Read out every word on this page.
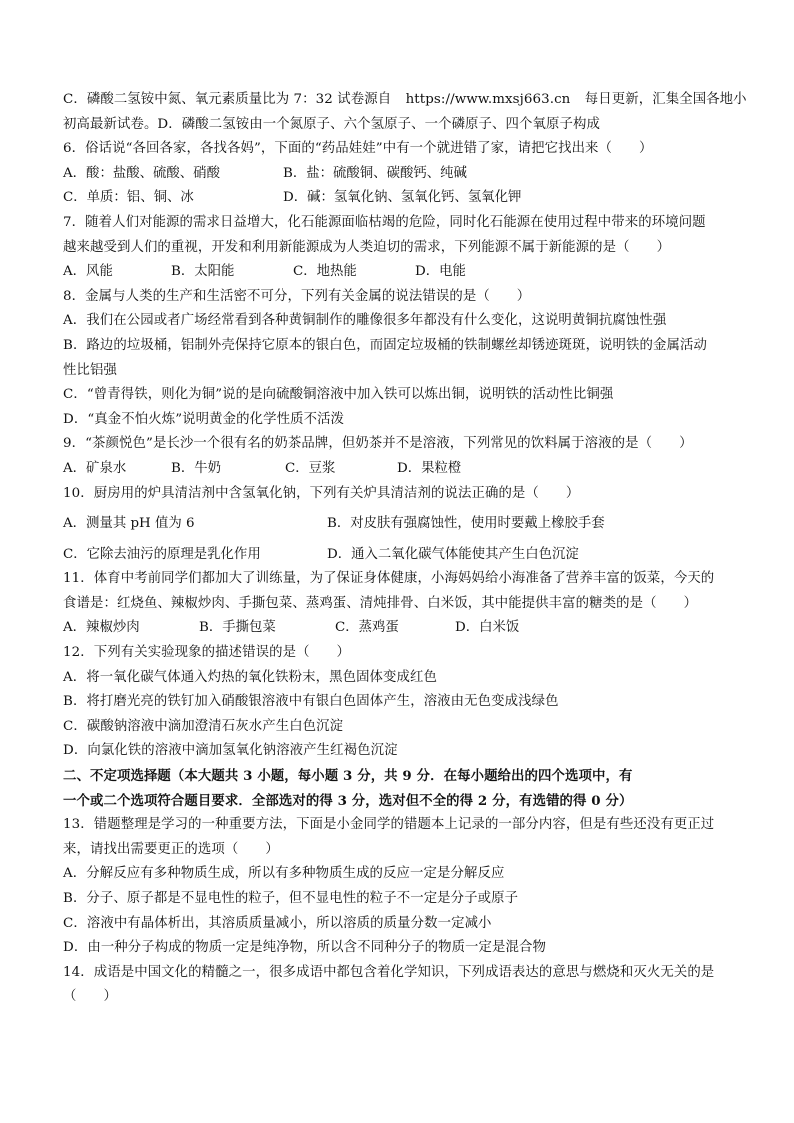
C．磷酸二氢铵中氮、氧元素质量比为 7：32 试卷源自 https://www.mxsj663.cn 每日更新，汇集全国各地小
初高最新试卷。D．磷酸二氢铵由一个氮原子、六个氢原子、一个磷原子、四个氧原子构成
6．俗话说“各回各家，各找各妈”，下面的“药品娃娃”中有一个就进错了家，请把它找出来（　　）
A．酸：盐酸、硫酸、硝酸	B．盐：硫酸铜、碳酸钙、纯碱
C．单质：铝、铜、冰	D．碱：氢氧化钠、氢氧化钙、氢氧化钾
7．随着人们对能源的需求日益增大，化石能源面临枯竭的危险，同时化石能源在使用过程中带来的环境问题
越来越受到人们的重视，开发和利用新能源成为人类迫切的需求，下列能源不属于新能源的是（　　）
A．风能	B．太阳能	C．地热能	D．电能
8．金属与人类的生产和生活密不可分，下列有关金属的说法错误的是（　　）
A．我们在公园或者广场经常看到各种黄铜制作的雕像很多年都没有什么变化，这说明黄铜抗腐蚀性强
B．路边的垃圾桶，铝制外壳保持它原本的银白色，而固定垃圾桶的铁制螺丝却锈迹斑斑，说明铁的金属活动
性比铝强
C．“曾青得铁，则化为铜”说的是向硫酸铜溶液中加入铁可以炼出铜，说明铁的活动性比铜强
D．“真金不怕火炼”说明黄金的化学性质不活泼
9．“茶颜悦色”是长沙一个很有名的奶茶品牌，但奶茶并不是溶液，下列常见的饮料属于溶液的是（　　）
A．矿泉水	B．牛奶	C．豆浆	D．果粒橙
10．厨房用的炉具清洁剂中含氢氧化钠，下列有关炉具清洁剂的说法正确的是（　　）
A．测量其 pH 值为 6	B．对皮肤有强腐蚀性，使用时要戴上橡胶手套
C．它除去油污的原理是乳化作用	D．通入二氧化碳气体能使其产生白色沉淀
11．体育中考前同学们都加大了训练量，为了保证身体健康，小海妈妈给小海准备了营养丰富的饭菜，今天的
食谱是：红烧鱼、辣椒炒肉、手撕包菜、蒸鸡蛋、清炖排骨、白米饭，其中能提供丰富的糖类的是（　　）
A．辣椒炒肉	B．手撕包菜	C．蒸鸡蛋	D．白米饭
12．下列有关实验现象的描述错误的是（　　）
A．将一氧化碳气体通入灼热的氧化铁粉末，黑色固体变成红色
B．将打磨光亮的铁钉加入硝酸银溶液中有银白色固体产生，溶液由无色变成浅绿色
C．碳酸钠溶液中滴加澄清石灰水产生白色沉淀
D．向氯化铁的溶液中滴加氢氧化钠溶液产生红褐色沉淀
二、不定项选择题（本大题共 3 小题，每小题 3 分，共 9 分．在每小题给出的四个选项中，有
一个或二个选项符合题目要求．全部选对的得 3 分，选对但不全的得 2 分，有选错的得 0 分）
13．错题整理是学习的一种重要方法，下面是小金同学的错题本上记录的一部分内容，但是有些还没有更正过
来，请找出需要更正的选项（　　）
A．分解反应有多种物质生成，所以有多种物质生成的反应一定是分解反应
B．分子、原子都是不显电性的粒子，但不显电性的粒子不一定是分子或原子
C．溶液中有晶体析出，其溶质质量减小，所以溶质的质量分数一定减小
D．由一种分子构成的物质一定是纯净物，所以含不同种分子的物质一定是混合物
14．成语是中国文化的精髓之一，很多成语中都包含着化学知识，下列成语表达的意思与燃烧和灭火无关的是
（　　）
